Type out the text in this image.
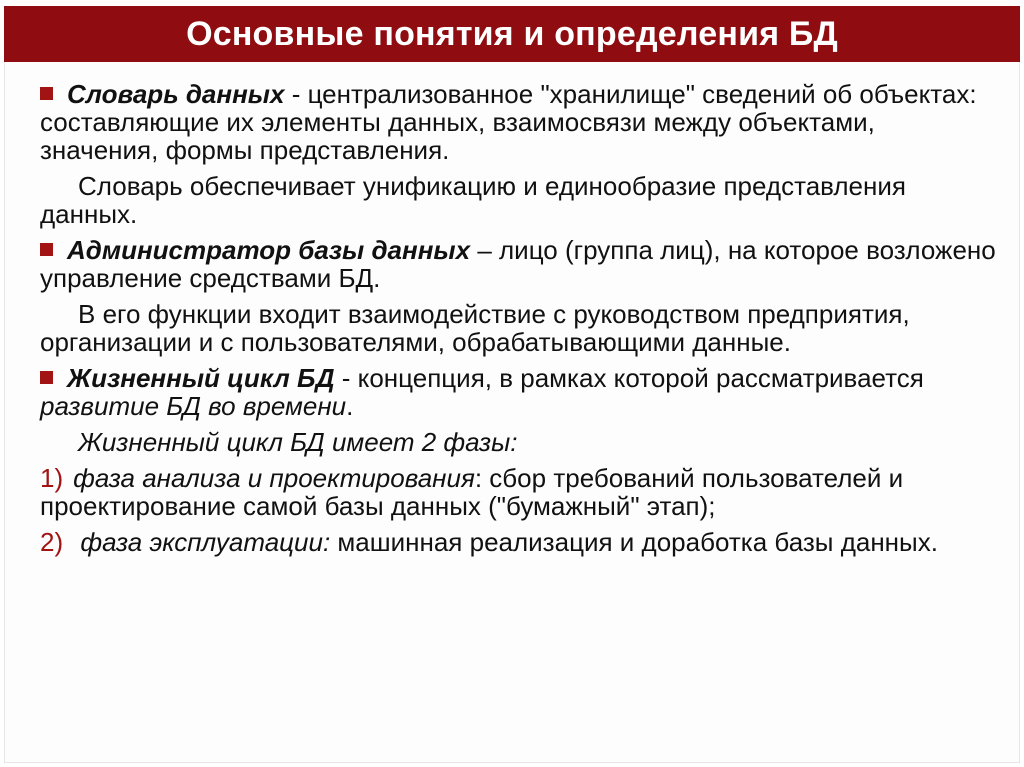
Основные понятия и определения БД

Словарь данных - централизованное "хранилище" сведений об объектах: составляющие их элементы данных, взаимосвязи между объектами, значения, формы представления.

Словарь обеспечивает унификацию и единообразие представления данных.

Администратор базы данных – лицо (группа лиц), на которое возложено управление средствами БД.

В его функции входит взаимодействие с руководством предприятия, организации и с пользователями, обрабатывающими данные.

Жизненный цикл БД - концепция, в рамках которой рассматривается развитие БД во времени.

Жизненный цикл БД имеет 2 фазы:

1) фаза анализа и проектирования: сбор требований пользователей и проектирование самой базы данных ("бумажный" этап);

2) фаза эксплуатации: машинная реализация и доработка базы данных.
